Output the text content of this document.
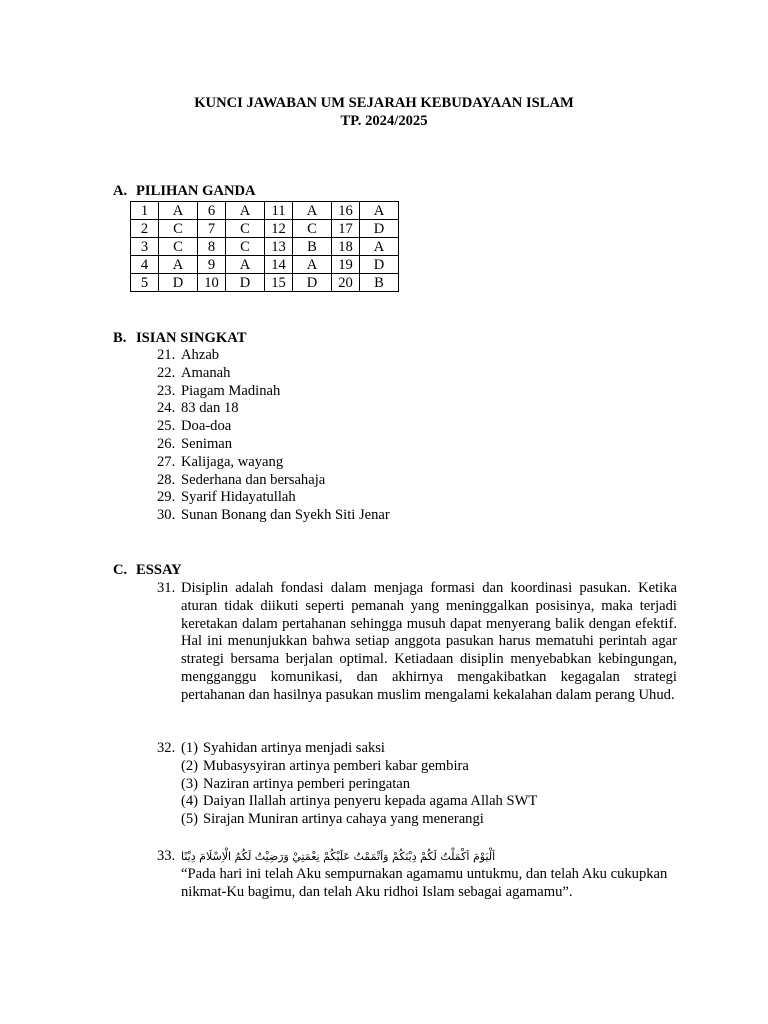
KUNCI JAWABAN UM SEJARAH KEBUDAYAAN ISLAM
TP. 2024/2025
A. PILIHAN GANDA
1	A	6	A	11	A	16	A
2	C	7	C	12	C	17	D
3	C	8	C	13	B	18	A
4	A	9	A	14	A	19	D
5	D	10	D	15	D	20	B
B. ISIAN SINGKAT
21. Ahzab
22. Amanah
23. Piagam Madinah
24. 83 dan 18
25. Doa-doa
26. Seniman
27. Kalijaga, wayang
28. Sederhana dan bersahaja
29. Syarif Hidayatullah
30. Sunan Bonang dan Syekh Siti Jenar
C. ESSAY
31. Disiplin adalah fondasi dalam menjaga formasi dan koordinasi pasukan. Ketika aturan tidak diikuti seperti pemanah yang meninggalkan posisinya, maka terjadi keretakan dalam pertahanan sehingga musuh dapat menyerang balik dengan efektif. Hal ini menunjukkan bahwa setiap anggota pasukan harus mematuhi perintah agar strategi bersama berjalan optimal. Ketiadaan disiplin menyebabkan kebingungan, mengganggu komunikasi, dan akhirnya mengakibatkan kegagalan strategi pertahanan dan hasilnya pasukan muslim mengalami kekalahan dalam perang Uhud.
32. (1) Syahidan artinya menjadi saksi
(2) Mubasysyiran artinya pemberi kabar gembira
(3) Naziran artinya pemberi peringatan
(4) Daiyan Ilallah artinya penyeru kepada agama Allah SWT
(5) Sirajan Muniran artinya cahaya yang menerangi
33. اَلْيَوْمَ اَكْمَلْتُ لَكُمْ دِيْنَكُمْ وَاَتْمَمْتُ عَلَيْكُمْ نِعْمَتِيْ وَرَضِيْتُ لَكُمُ الْاِسْلَامَ دِيْنًا
“Pada hari ini telah Aku sempurnakan agamamu untukmu, dan telah Aku cukupkan nikmat-Ku bagimu, dan telah Aku ridhoi Islam sebagai agamamu”.
